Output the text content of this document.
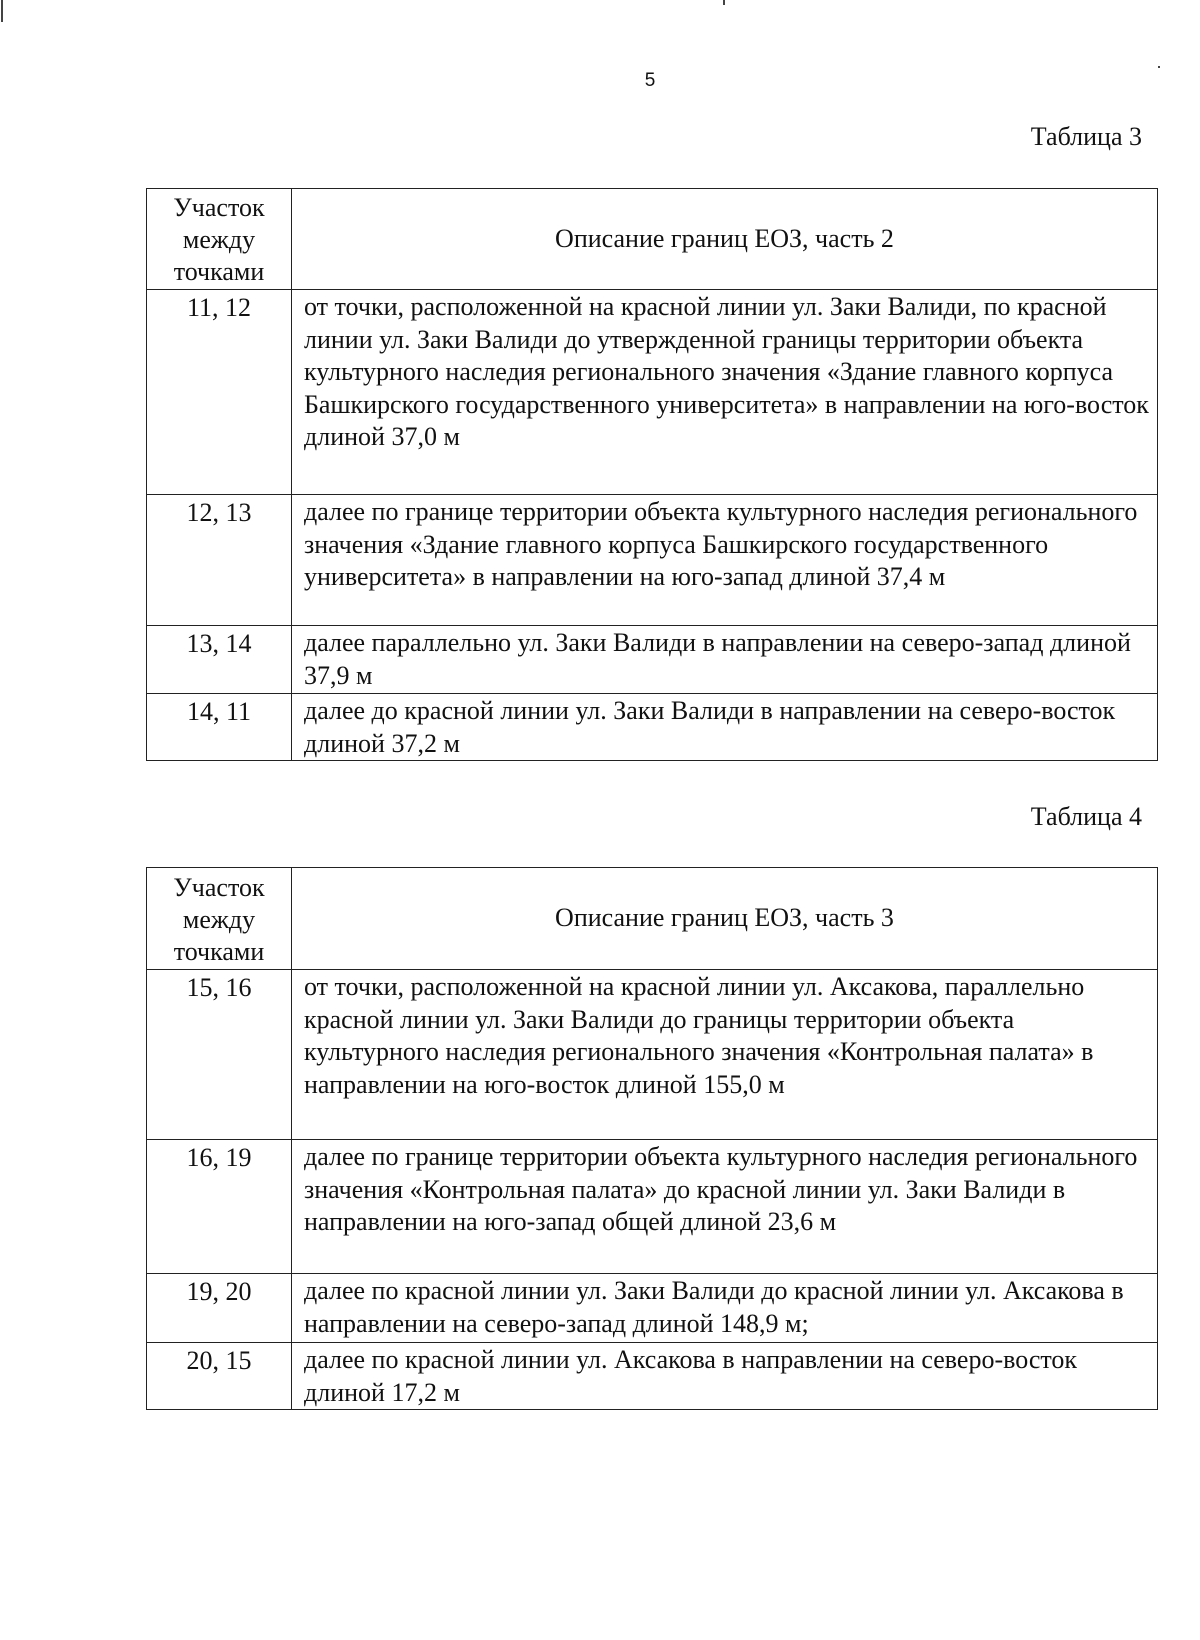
5
Таблица 3
Участок между точками	Описание границ ЕОЗ, часть 2
11, 12	от точки, расположенной на красной линии ул. Заки Валиди, по красной линии ул. Заки Валиди до утвержденной границы территории объекта культурного наследия регионального значения «Здание главного корпуса Башкирского государственного университета» в направлении на юго-восток длиной 37,0 м
12, 13	далее по границе территории объекта культурного наследия регионального значения «Здание главного корпуса Башкирского государственного университета» в направлении на юго-запад длиной 37,4 м
13, 14	далее параллельно ул. Заки Валиди в направлении на северо-запад длиной 37,9 м
14, 11	далее до красной линии ул. Заки Валиди в направлении на северо-восток длиной 37,2 м
Таблица 4
Участок между точками	Описание границ ЕОЗ, часть 3
15, 16	от точки, расположенной на красной линии ул. Аксакова, параллельно красной линии ул. Заки Валиди до границы территории объекта культурного наследия регионального значения «Контрольная палата» в направлении на юго-восток длиной 155,0 м
16, 19	далее по границе территории объекта культурного наследия регионального значения «Контрольная палата» до красной линии ул. Заки Валиди в направлении на юго-запад общей длиной 23,6 м
19, 20	далее по красной линии ул. Заки Валиди до красной линии ул. Аксакова в направлении на северо-запад длиной 148,9 м;
20, 15	далее по красной линии ул. Аксакова в направлении на северо-восток длиной 17,2 м
